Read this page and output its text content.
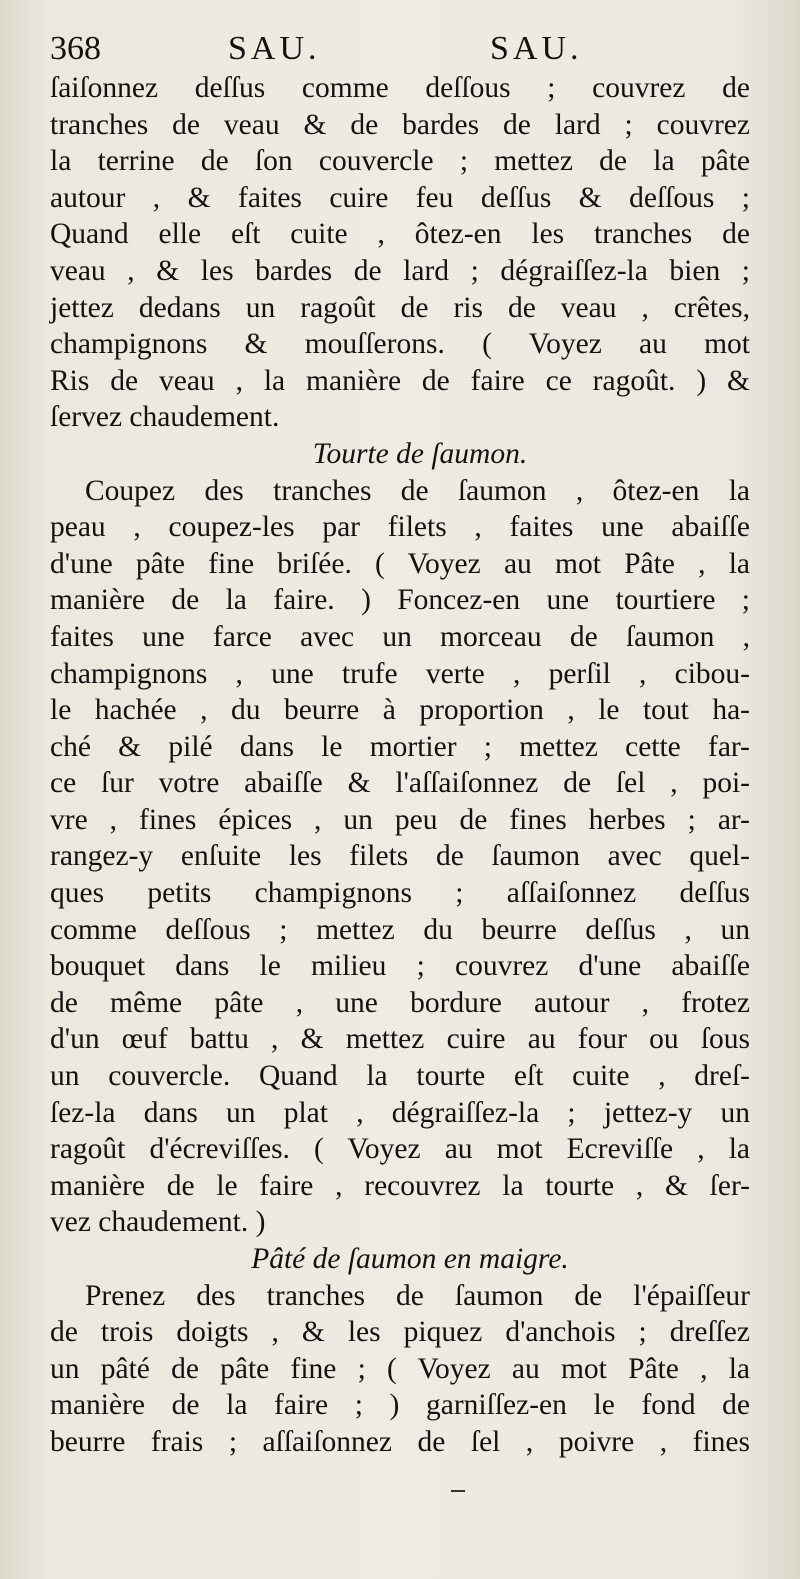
368	SAU.	SAU.
ſaiſonnez deſſus comme deſſous ; couvrez de
tranches de veau & de bardes de lard ; couvrez
la terrine de ſon couvercle ; mettez de la pâte
autour , & faites cuire feu deſſus & deſſous ;
Quand elle eſt cuite , ôtez-en les tranches de
veau , & les bardes de lard ; dégraiſſez-la bien ;
jettez dedans un ragoût de ris de veau , crêtes,
champignons & mouſſerons. ( Voyez au mot
Ris de veau , la manière de faire ce ragoût. ) &
ſervez chaudement.
Tourte de ſaumon.
Coupez des tranches de ſaumon , ôtez-en la
peau , coupez-les par filets , faites une abaiſſe
d'une pâte fine briſée. ( Voyez au mot Pâte , la
manière de la faire. ) Foncez-en une tourtiere ;
faites une farce avec un morceau de ſaumon ,
champignons , une trufe verte , perſil , cibou-
le hachée , du beurre à proportion , le tout ha-
ché & pilé dans le mortier ; mettez cette far-
ce ſur votre abaiſſe & l'aſſaiſonnez de ſel , poi-
vre , fines épices , un peu de fines herbes ; ar-
rangez-y enſuite les filets de ſaumon avec quel-
ques petits champignons ; aſſaiſonnez deſſus
comme deſſous ; mettez du beurre deſſus , un
bouquet dans le milieu ; couvrez d'une abaiſſe
de même pâte , une bordure autour , frotez
d'un œuf battu , & mettez cuire au four ou ſous
un couvercle. Quand la tourte eſt cuite , dreſ-
ſez-la dans un plat , dégraiſſez-la ; jettez-y un
ragoût d'écreviſſes. ( Voyez au mot Ecreviſſe , la
manière de le faire , recouvrez la tourte , & ſer-
vez chaudement. )
Pâté de ſaumon en maigre.
Prenez des tranches de ſaumon de l'épaiſſeur
de trois doigts , & les piquez d'anchois ; dreſſez
un pâté de pâte fine ; ( Voyez au mot Pâte , la
manière de la faire ; ) garniſſez-en le fond de
beurre frais ; aſſaiſonnez de ſel , poivre , fines
